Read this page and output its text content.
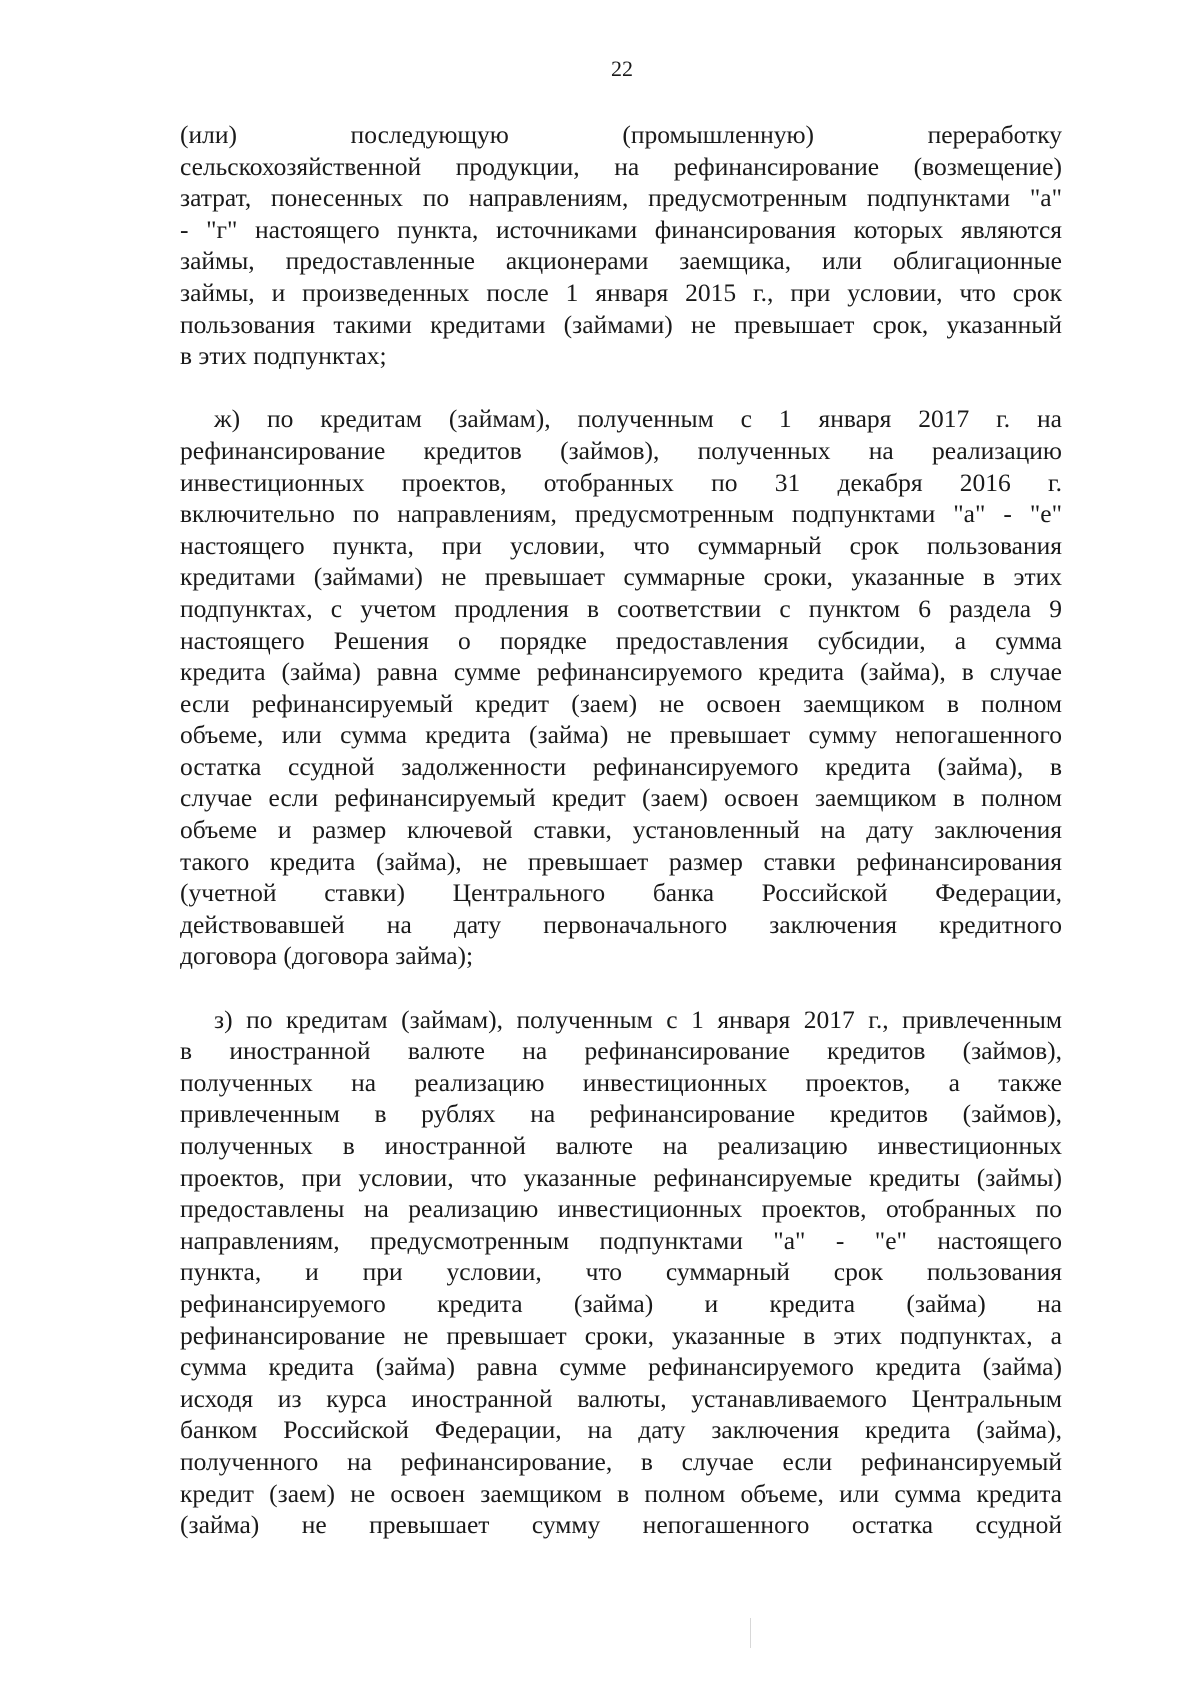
22
(или) последующую (промышленную) переработку
сельскохозяйственной продукции, на рефинансирование (возмещение)
затрат, понесенных по направлениям, предусмотренным подпунктами "а"
- "г" настоящего пункта, источниками финансирования которых являются
займы, предоставленные акционерами заемщика, или облигационные
займы, и произведенных после 1 января 2015 г., при условии, что срок
пользования такими кредитами (займами) не превышает срок, указанный
в этих подпунктах;
ж) по кредитам (займам), полученным с 1 января 2017 г. на
рефинансирование кредитов (займов), полученных на реализацию
инвестиционных проектов, отобранных по 31 декабря 2016 г.
включительно по направлениям, предусмотренным подпунктами "а" - "е"
настоящего пункта, при условии, что суммарный срок пользования
кредитами (займами) не превышает суммарные сроки, указанные в этих
подпунктах, с учетом продления в соответствии с пунктом 6 раздела 9
настоящего Решения о порядке предоставления субсидии, а сумма
кредита (займа) равна сумме рефинансируемого кредита (займа), в случае
если рефинансируемый кредит (заем) не освоен заемщиком в полном
объеме, или сумма кредита (займа) не превышает сумму непогашенного
остатка ссудной задолженности рефинансируемого кредита (займа), в
случае если рефинансируемый кредит (заем) освоен заемщиком в полном
объеме и размер ключевой ставки, установленный на дату заключения
такого кредита (займа), не превышает размер ставки рефинансирования
(учетной ставки) Центрального банка Российской Федерации,
действовавшей на дату первоначального заключения кредитного
договора (договора займа);
з) по кредитам (займам), полученным с 1 января 2017 г., привлеченным
в иностранной валюте на рефинансирование кредитов (займов),
полученных на реализацию инвестиционных проектов, а также
привлеченным в рублях на рефинансирование кредитов (займов),
полученных в иностранной валюте на реализацию инвестиционных
проектов, при условии, что указанные рефинансируемые кредиты (займы)
предоставлены на реализацию инвестиционных проектов, отобранных по
направлениям, предусмотренным подпунктами "а" - "е" настоящего
пункта, и при условии, что суммарный срок пользования
рефинансируемого кредита (займа) и кредита (займа) на
рефинансирование не превышает сроки, указанные в этих подпунктах, а
сумма кредита (займа) равна сумме рефинансируемого кредита (займа)
исходя из курса иностранной валюты, устанавливаемого Центральным
банком Российской Федерации, на дату заключения кредита (займа),
полученного на рефинансирование, в случае если рефинансируемый
кредит (заем) не освоен заемщиком в полном объеме, или сумма кредита
(займа) не превышает сумму непогашенного остатка ссудной
